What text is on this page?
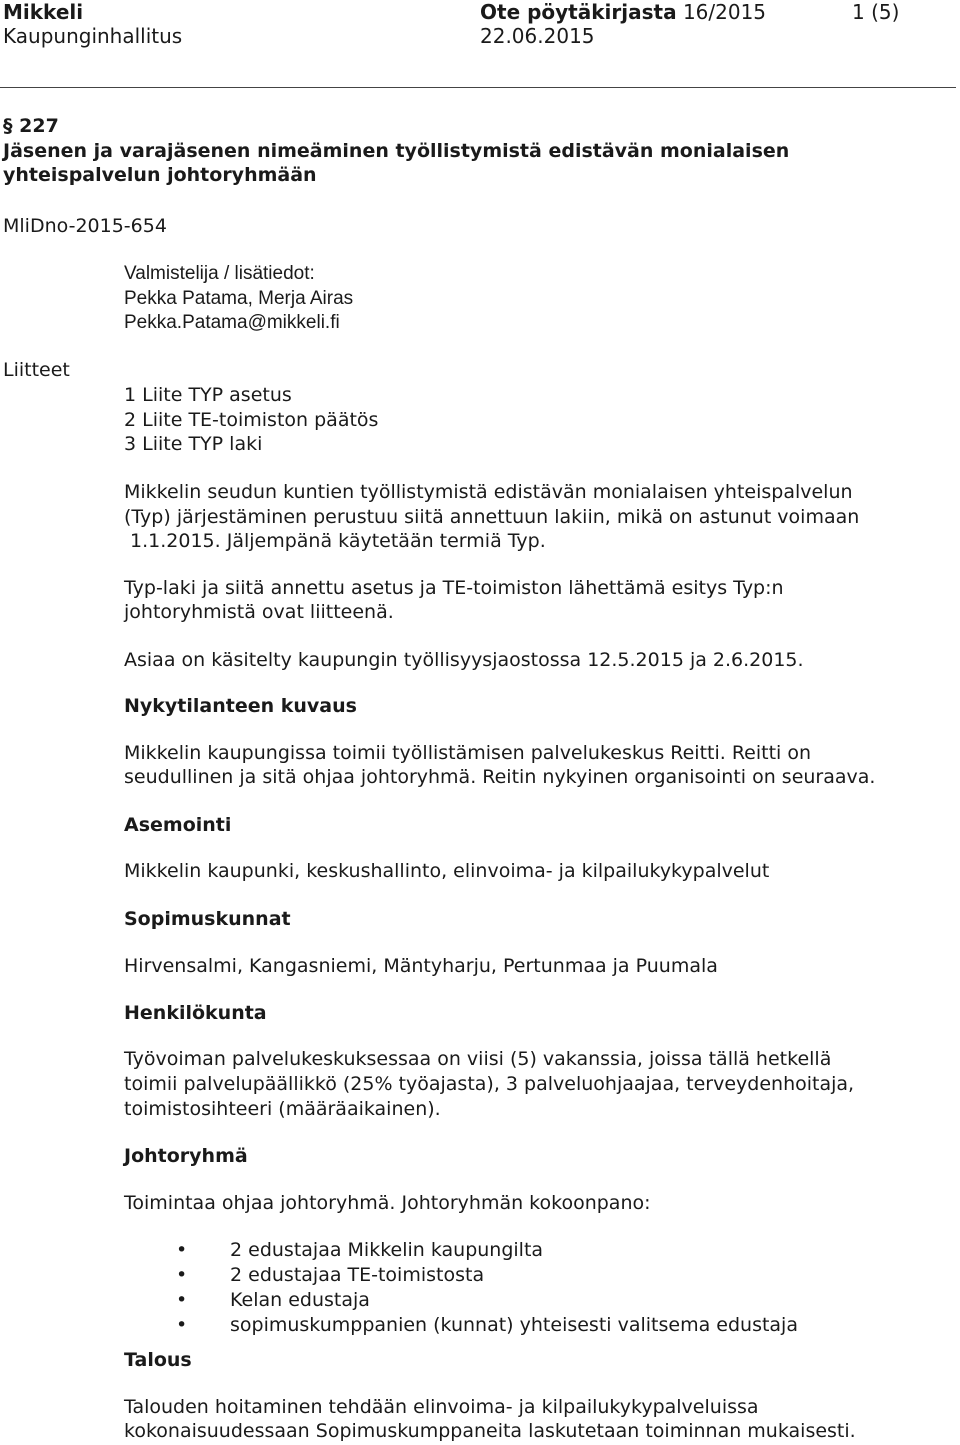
Mikkeli
Kaupunginhallitus
Ote pöytäkirjasta 16/2015
22.06.2015
1 (5)
§ 227
Jäsenen ja varajäsenen nimeäminen työllistymistä edistävän monialaisen
yhteispalvelun johtoryhmään
MliDno-2015-654
Valmistelija / lisätiedot:
Pekka Patama, Merja Airas
Pekka.Patama@mikkeli.fi
Liitteet
1 Liite TYP asetus
2 Liite TE-toimiston päätös
3 Liite TYP laki
Mikkelin seudun kuntien työllistymistä edistävän monialaisen yhteispalvelun
(Typ) järjestäminen perustuu siitä annettuun lakiin, mikä on astunut voimaan
1.1.2015. Jäljempänä käytetään termiä Typ.
Typ-laki ja siitä annettu asetus ja TE-toimiston lähettämä esitys Typ:n
johtoryhmistä ovat liitteenä.
Asiaa on käsitelty kaupungin työllisyysjaostossa 12.5.2015 ja 2.6.2015.
Nykytilanteen kuvaus
Mikkelin kaupungissa toimii työllistämisen palvelukeskus Reitti. Reitti on
seudullinen ja sitä ohjaa johtoryhmä. Reitin nykyinen organisointi on seuraava.
Asemointi
Mikkelin kaupunki, keskushallinto, elinvoima- ja kilpailukykypalvelut
Sopimuskunnat
Hirvensalmi, Kangasniemi, Mäntyharju, Pertunmaa ja Puumala
Henkilökunta
Työvoiman palvelukeskuksessaa on viisi (5) vakanssia, joissa tällä hetkellä
toimii palvelupäällikkö (25% työajasta), 3 palveluohjaajaa, terveydenhoitaja,
toimistosihteeri (määräaikainen).
Johtoryhmä
Toimintaa ohjaa johtoryhmä. Johtoryhmän kokoonpano:
• 2 edustajaa Mikkelin kaupungilta
• 2 edustajaa TE-toimistosta
• Kelan edustaja
• sopimuskumppanien (kunnat) yhteisesti valitsema edustaja
Talous
Talouden hoitaminen tehdään elinvoima- ja kilpailukykypalveluissa
kokonaisuudessaan Sopimuskumppaneita laskutetaan toiminnan mukaisesti.
